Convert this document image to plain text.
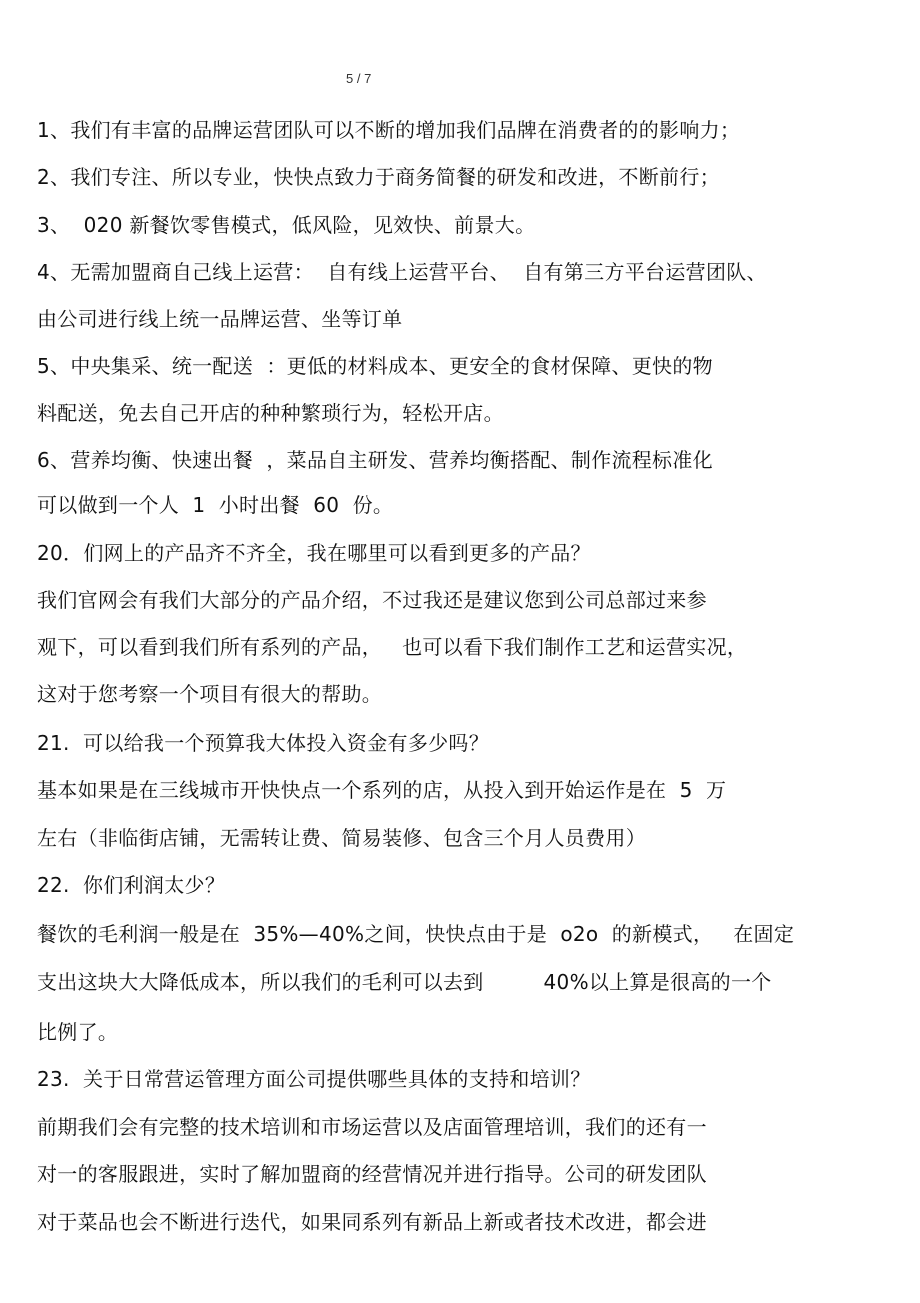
5 / 7
1、我们有丰富的品牌运营团队可以不断的增加我们品牌在消费者的的影响力；
2、我们专注、所以专业，快快点致力于商务简餐的研发和改进，不断前行；
3、  020 新餐饮零售模式，低风险，见效快、前景大。
4、无需加盟商自己线上运营：  自有线上运营平台、  自有第三方平台运营团队、
由公司进行线上统一品牌运营、坐等订单
5、中央集采、统一配送  ：更低的材料成本、更安全的食材保障、更快的物
料配送，免去自己开店的种种繁琐行为，轻松开店。
6、营养均衡、快速出餐  ，菜品自主研发、营养均衡搭配、制作流程标准化
可以做到一个人  1  小时出餐  60  份。
20．们网上的产品齐不齐全，我在哪里可以看到更多的产品？
我们官网会有我们大部分的产品介绍，不过我还是建议您到公司总部过来参
观下，可以看到我们所有系列的产品，   也可以看下我们制作工艺和运营实况，
这对于您考察一个项目有很大的帮助。
21.  可以给我一个预算我大体投入资金有多少吗？
基本如果是在三线城市开快快点一个系列的店，从投入到开始运作是在  5  万
左右（非临街店铺，无需转让费、简易装修、包含三个月人员费用）
22.  你们利润太少？
餐饮的毛利润一般是在  35%—40%之间，快快点由于是  o2o  的新模式，   在固定
支出这块大大降低成本，所以我们的毛利可以去到         40%以上算是很高的一个
比例了。
23.  关于日常营运管理方面公司提供哪些具体的支持和培训？
前期我们会有完整的技术培训和市场运营以及店面管理培训，我们的还有一
对一的客服跟进，实时了解加盟商的经营情况并进行指导。公司的研发团队
对于菜品也会不断进行迭代，如果同系列有新品上新或者技术改进，都会进
